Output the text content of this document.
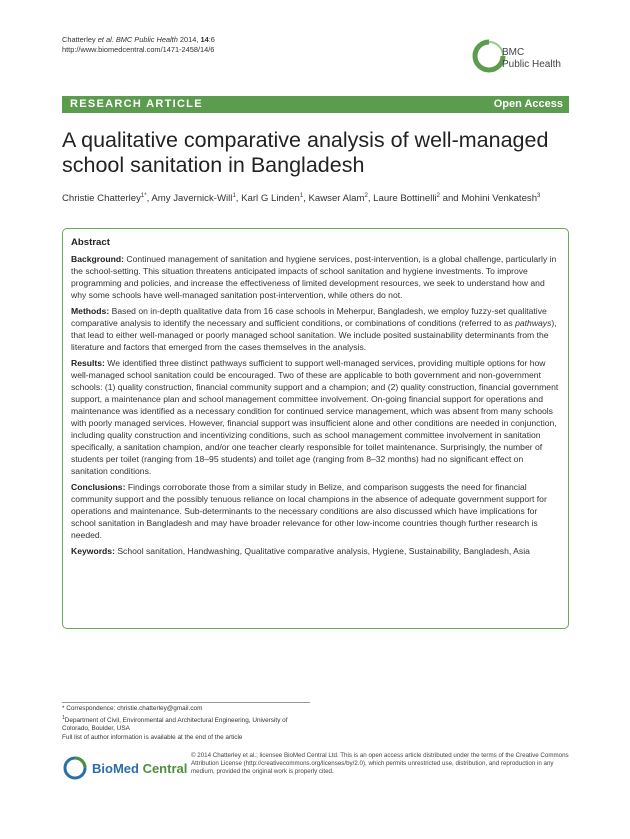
Chatterley et al. BMC Public Health 2014, 14:6
http://www.biomedcentral.com/1471-2458/14/6	BMC
Public Health
RESEARCH ARTICLE	Open Access
A qualitative comparative analysis of well-managed school sanitation in Bangladesh
Christie Chatterley$^{1*}$, Amy Javernick-Will$^1$, Karl G Linden$^1$, Kawser Alam$^2$, Laure Bottinelli$^2$ and Mohini Venkatesh$^3$
Abstract

Background: Continued management of sanitation and hygiene services, post-intervention, is a global challenge, particularly in the school-setting. This situation threatens anticipated impacts of school sanitation and hygiene investments. To improve programming and policies, and increase the effectiveness of limited development resources, we seek to understand how and why some schools have well-managed sanitation post-intervention, while others do not.

Methods: Based on in-depth qualitative data from 16 case schools in Meherpur, Bangladesh, we employ fuzzy-set qualitative comparative analysis to identify the necessary and sufficient conditions, or combinations of conditions (referred to as pathways), that lead to either well-managed or poorly managed school sanitation. We include posited sustainability determinants from the literature and factors that emerged from the cases themselves in the analysis.

Results: We identified three distinct pathways sufficient to support well-managed services, providing multiple options for how well-managed school sanitation could be encouraged. Two of these are applicable to both government and non-government schools: (1) quality construction, financial community support and a champion; and (2) quality construction, financial government support, a maintenance plan and school management committee involvement. On-going financial support for operations and maintenance was identified as a necessary condition for continued service management, which was absent from many schools with poorly managed services. However, financial support was insufficient alone and other conditions are needed in conjunction, including quality construction and incentivizing conditions, such as school management committee involvement in sanitation specifically, a sanitation champion, and/or one teacher clearly responsible for toilet maintenance. Surprisingly, the number of students per toilet (ranging from 18–95 students) and toilet age (ranging from 8–32 months) had no significant effect on sanitation conditions.

Conclusions: Findings corroborate those from a similar study in Belize, and comparison suggests the need for financial community support and the possibly tenuous reliance on local champions in the absence of adequate government support for operations and maintenance. Sub-determinants to the necessary conditions are also discussed which have implications for school sanitation in Bangladesh and may have broader relevance for other low-income countries though further research is needed.

Keywords: School sanitation, Handwashing, Qualitative comparative analysis, Hygiene, Sustainability, Bangladesh, Asia

* Correspondence: christie.chatterley@gmail.com
$^1$Department of Civil, Environmental and Architectural Engineering, University of Colorado, Boulder, USA
Full list of author information is available at the end of the article
BioMed Central
© 2014 Chatterley et al.; licensee BioMed Central Ltd. This is an open access article distributed under the terms of the Creative Commons Attribution License (http://creativecommons.org/licenses/by/2.0), which permits unrestricted use, distribution, and reproduction in any medium, provided the original work is properly cited.
